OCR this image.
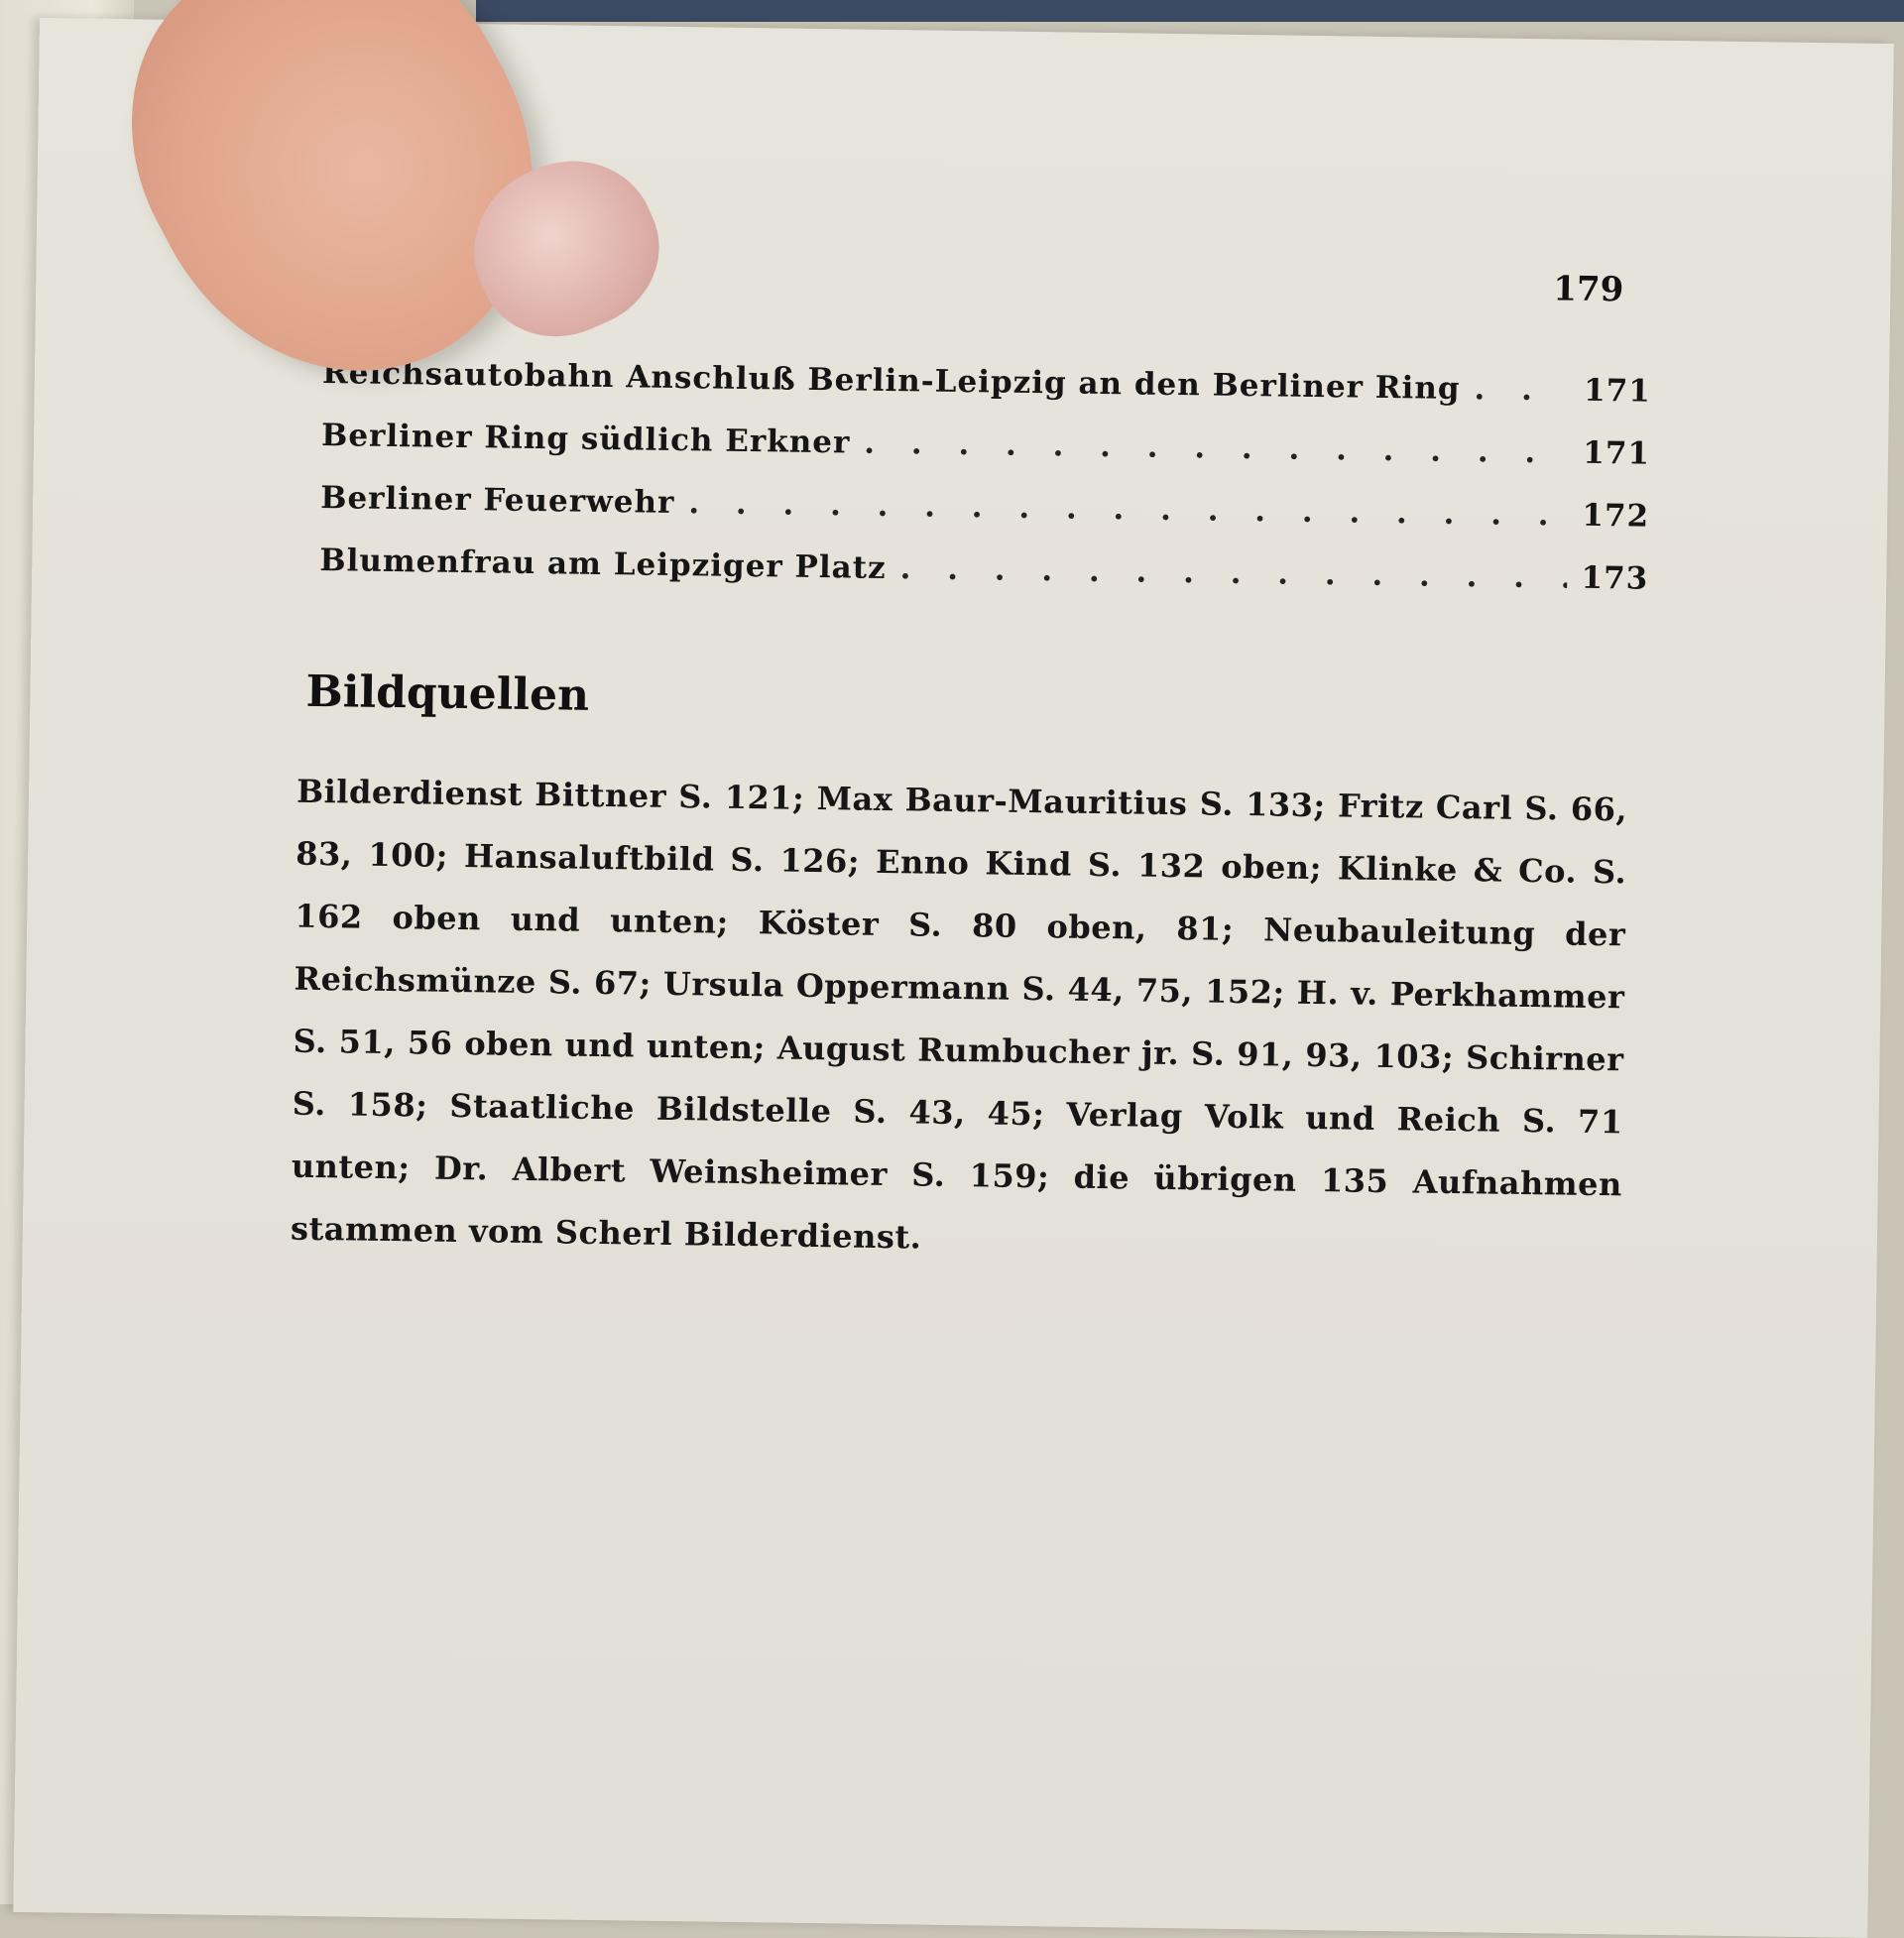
179
Reichsautobahn Anschluß Berlin-Leipzig an den Berliner Ring . . .	171
Berliner Ring südlich Erkner . . .	171
Berliner Feuerwehr . . .	172
Blumenfrau am Leipziger Platz . . .	173
Bildquellen
Bilderdienst Bittner S. 121; Max Baur-Mauritius S. 133; Fritz Carl S. 66, 83, 100; Hansaluftbild S. 126; Enno Kind S. 132 oben; Klinke & Co. S. 162 oben und unten; Köster S. 80 oben, 81; Neubauleitung der Reichsmünze S. 67; Ursula Oppermann S. 44, 75, 152; H. v. Perkhammer S. 51, 56 oben und unten; August Rumbucher jr. S. 91, 93, 103; Schirner S. 158; Staatliche Bildstelle S. 43, 45; Verlag Volk und Reich S. 71 unten; Dr. Albert Weinsheimer S. 159; die übrigen 135 Aufnahmen stammen vom Scherl Bilderdienst.
